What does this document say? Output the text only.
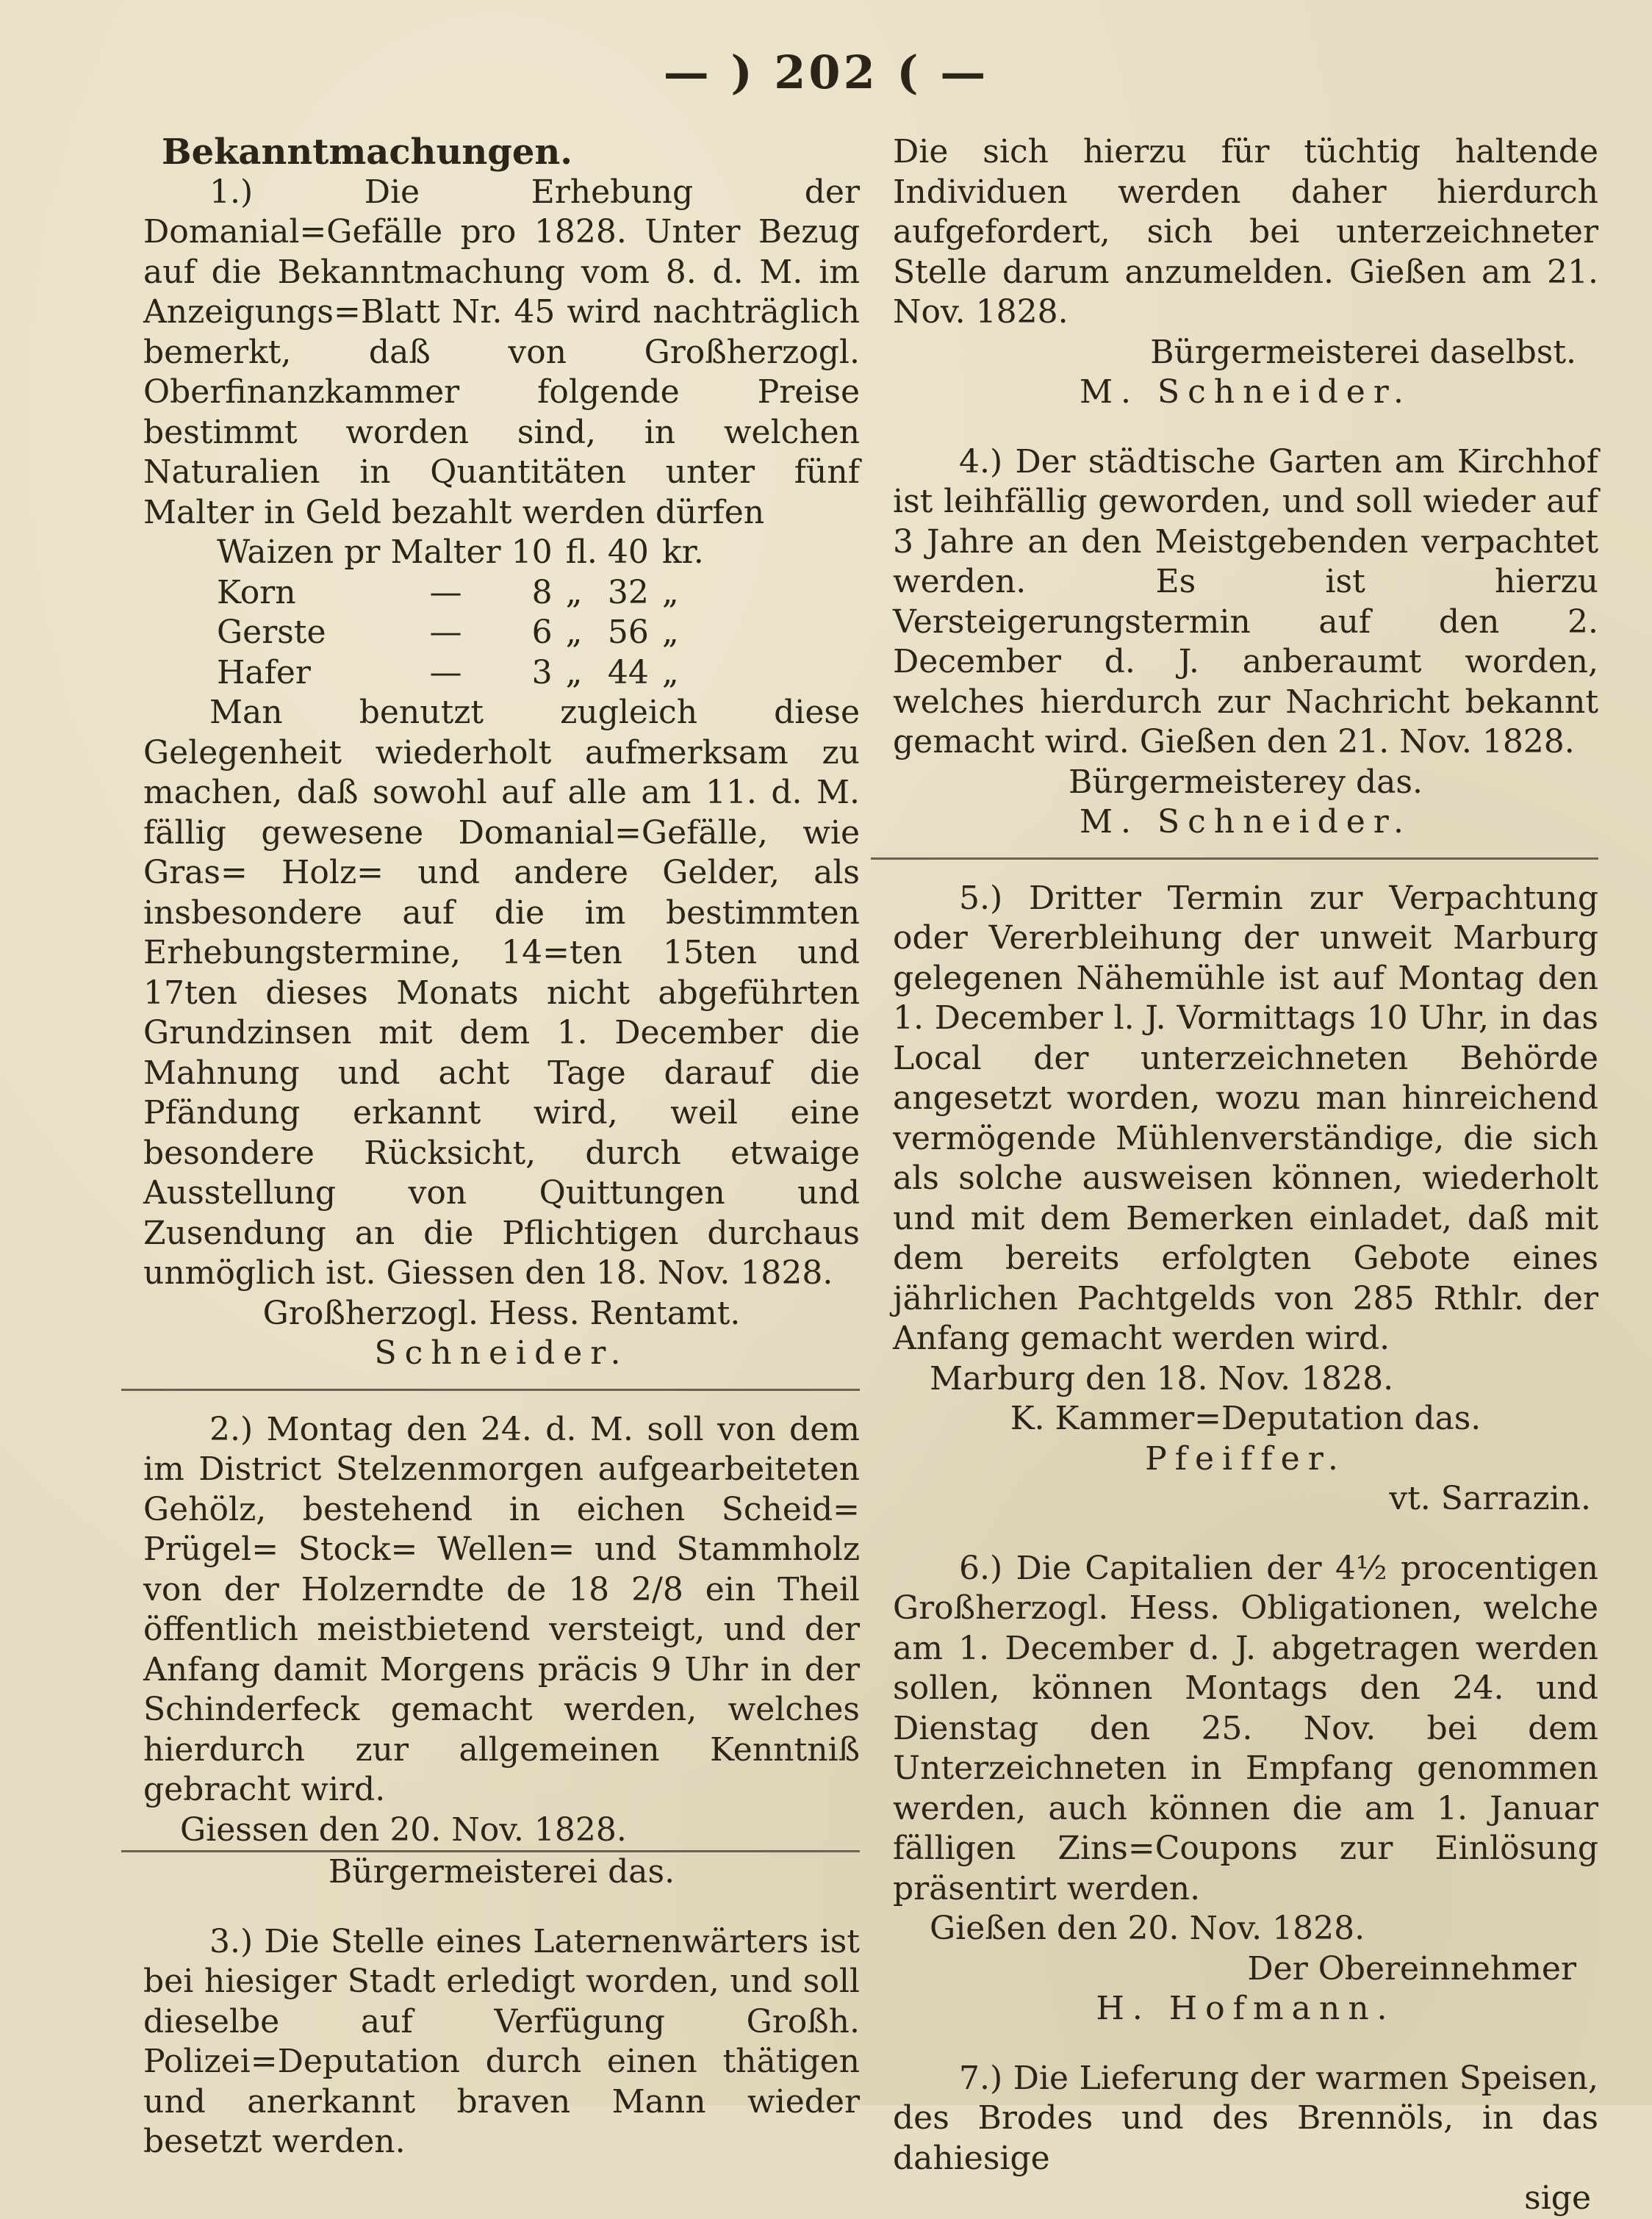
— ) 202 ( —

Bekanntmachungen.

1.) Die Erhebung der Domanial=Gefälle pro 1828. Unter Bezug auf die Bekanntmachung vom 8. d. M. im Anzeigungs=Blatt Nr. 45 wird nachträglich bemerkt, daß von Großherzogl. Oberfinanzkammer folgende Preise bestimmt worden sind, in welchen Naturalien in Quantitäten unter fünf Malter in Geld bezahlt werden dürfen

Waizen pr	Malter	10	fl.	40	kr.
Korn	—	8	„	32	„
Gerste	—	6	„	56	„
Hafer	—	3	„	44	„

Man benutzt zugleich diese Gelegenheit wiederholt aufmerksam zu machen, daß sowohl auf alle am 11. d. M. fällig gewesene Domanial=Gefälle, wie Gras= Holz= und andere Gelder, als insbesondere auf die im bestimmten Erhebungstermine, 14=ten 15ten und 17ten dieses Monats nicht abgeführten Grundzinsen mit dem 1. December die Mahnung und acht Tage darauf die Pfändung erkannt wird, weil eine besondere Rücksicht, durch etwaige Ausstellung von Quittungen und Zusendung an die Pflichtigen durchaus unmöglich ist. Giessen den 18. Nov. 1828.

Großherzogl. Hess. Rentamt.

Schneider.

2.) Montag den 24. d. M. soll von dem im District Stelzenmorgen aufgearbeiteten Gehölz, bestehend in eichen Scheid= Prügel= Stock= Wellen= und Stammholz von der Holzerndte de 18 2/8 ein Theil öffentlich meistbietend versteigt, und der Anfang damit Morgens präcis 9 Uhr in der Schinderfeck gemacht werden, welches hierdurch zur allgemeinen Kenntniß gebracht wird.

Giessen den 20. Nov. 1828.

Bürgermeisterei das.

3.) Die Stelle eines Laternenwärters ist bei hiesiger Stadt erledigt worden, und soll dieselbe auf Verfügung Großh. Polizei=Deputation durch einen thätigen und anerkannt braven Mann wieder besetzt werden.

Die sich hierzu für tüchtig haltende Individuen werden daher hierdurch aufgefordert, sich bei unterzeichneter Stelle darum anzumelden. Gießen am 21. Nov. 1828.

Bürgermeisterei daselbst.

M. Schneider.

4.) Der städtische Garten am Kirchhof ist leihfällig geworden, und soll wieder auf 3 Jahre an den Meistgebenden verpachtet werden. Es ist hierzu Versteigerungstermin auf den 2. December d. J. anberaumt worden, welches hierdurch zur Nachricht bekannt gemacht wird. Gießen den 21. Nov. 1828.

Bürgermeisterey das.

M. Schneider.

5.) Dritter Termin zur Verpachtung oder Vererbleihung der unweit Marburg gelegenen Nähemühle ist auf Montag den 1. December l. J. Vormittags 10 Uhr, in das Local der unterzeichneten Behörde angesetzt worden, wozu man hinreichend vermögende Mühlenverständige, die sich als solche ausweisen können, wiederholt und mit dem Bemerken einladet, daß mit dem bereits erfolgten Gebote eines jährlichen Pachtgelds von 285 Rthlr. der Anfang gemacht werden wird.

Marburg den 18. Nov. 1828.

K. Kammer=Deputation das.

Pfeiffer.

vt. Sarrazin.

6.) Die Capitalien der 4½ procentigen Großherzogl. Hess. Obligationen, welche am 1. December d. J. abgetragen werden sollen, können Montags den 24. und Dienstag den 25. Nov. bei dem Unterzeichneten in Empfang genommen werden, auch können die am 1. Januar fälligen Zins=Coupons zur Einlösung präsentirt werden.

Gießen den 20. Nov. 1828.

Der Obereinnehmer

H. Hofmann.

7.) Die Lieferung der warmen Speisen, des Brodes und des Brennöls, in das dahiesige

sige
